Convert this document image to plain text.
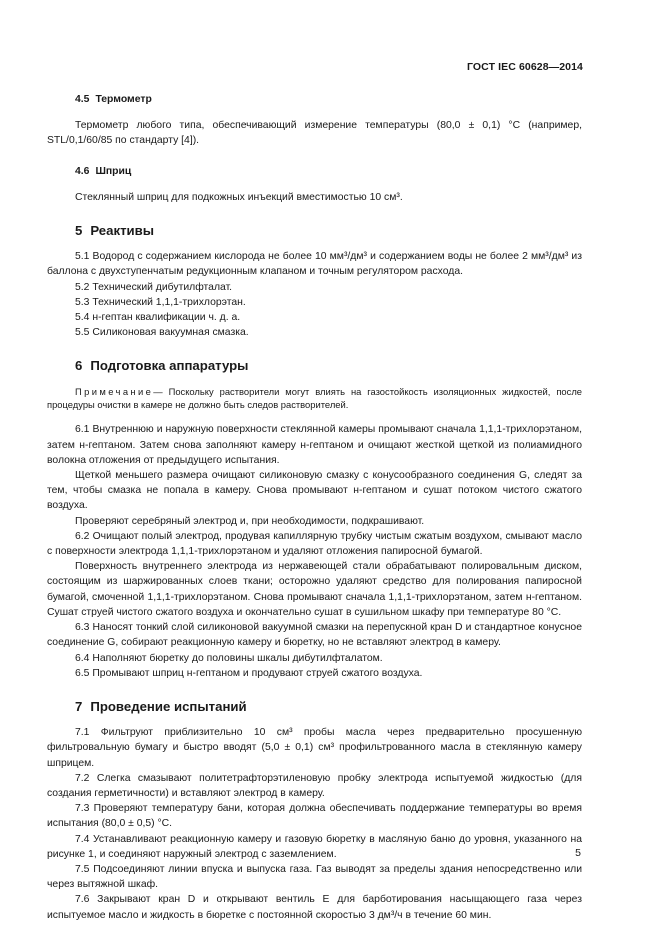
ГОСТ IEC 60628—2014

4.5 Термометр

Термометр любого типа, обеспечивающий измерение температуры (80,0 ± 0,1) °С (например, STL/0,1/60/85 по стандарту [4]).

4.6 Шприц

Стеклянный шприц для подкожных инъекций вместимостью 10 см³.

5 Реактивы

5.1 Водород с содержанием кислорода не более 10 мм³/дм³ и содержанием воды не более 2 мм³/дм³ из баллона с двухступенчатым редукционным клапаном и точным регулятором расхода.

5.2 Технический дибутилфталат.

5.3 Технический 1,1,1-трихлорэтан.

5.4 н-гептан квалификации ч. д. а.

5.5 Силиконовая вакуумная смазка.

6 Подготовка аппаратуры

Примечание— Поскольку растворители могут влиять на газостойкость изоляционных жидкостей, после процедуры очистки в камере не должно быть следов растворителей.

6.1 Внутреннюю и наружную поверхности стеклянной камеры промывают сначала 1,1,1-трихлорэтаном, затем н-гептаном. Затем снова заполняют камеру н-гептаном и очищают жесткой щеткой из полиамидного волокна отложения от предыдущего испытания.

Щеткой меньшего размера очищают силиконовую смазку с конусообразного соединения G, следят за тем, чтобы смазка не попала в камеру. Снова промывают н-гептаном и сушат потоком чистого сжатого воздуха.

Проверяют серебряный электрод и, при необходимости, подкрашивают.

6.2 Очищают полый электрод, продувая капиллярную трубку чистым сжатым воздухом, смывают масло с поверхности электрода 1,1,1-трихлорэтаном и удаляют отложения папиросной бумагой.

Поверхность внутреннего электрода из нержавеющей стали обрабатывают полировальным диском, состоящим из шаржированных слоев ткани; осторожно удаляют средство для полирования папиросной бумагой, смоченной 1,1,1-трихлорэтаном. Снова промывают сначала 1,1,1-трихлорэтаном, затем н-гептаном. Сушат струей чистого сжатого воздуха и окончательно сушат в сушильном шкафу при температуре 80 °С.

6.3 Наносят тонкий слой силиконовой вакуумной смазки на перепускной кран D и стандартное конусное соединение G, собирают реакционную камеру и бюретку, но не вставляют электрод в камеру.

6.4 Наполняют бюретку до половины шкалы дибутилфталатом.

6.5 Промывают шприц н-гептаном и продувают струей сжатого воздуха.

7 Проведение испытаний

7.1 Фильтруют приблизительно 10 см³ пробы масла через предварительно просушенную фильтровальную бумагу и быстро вводят (5,0 ± 0,1) см³ профильтрованного масла в стеклянную камеру шприцем.

7.2 Слегка смазывают политетрафторэтиленовую пробку электрода испытуемой жидкостью (для создания герметичности) и вставляют электрод в камеру.

7.3 Проверяют температуру бани, которая должна обеспечивать поддержание температуры во время испытания (80,0 ± 0,5) °С.

7.4 Устанавливают реакционную камеру и газовую бюретку в масляную баню до уровня, указанного на рисунке 1, и соединяют наружный электрод с заземлением.

7.5 Подсоединяют линии впуска и выпуска газа. Газ выводят за пределы здания непосредственно или через вытяжной шкаф.

7.6 Закрывают кран D и открывают вентиль E для барботирования насыщающего газа через испытуемое масло и жидкость в бюретке с постоянной скоростью 3 дм³/ч в течение 60 мин.

5
